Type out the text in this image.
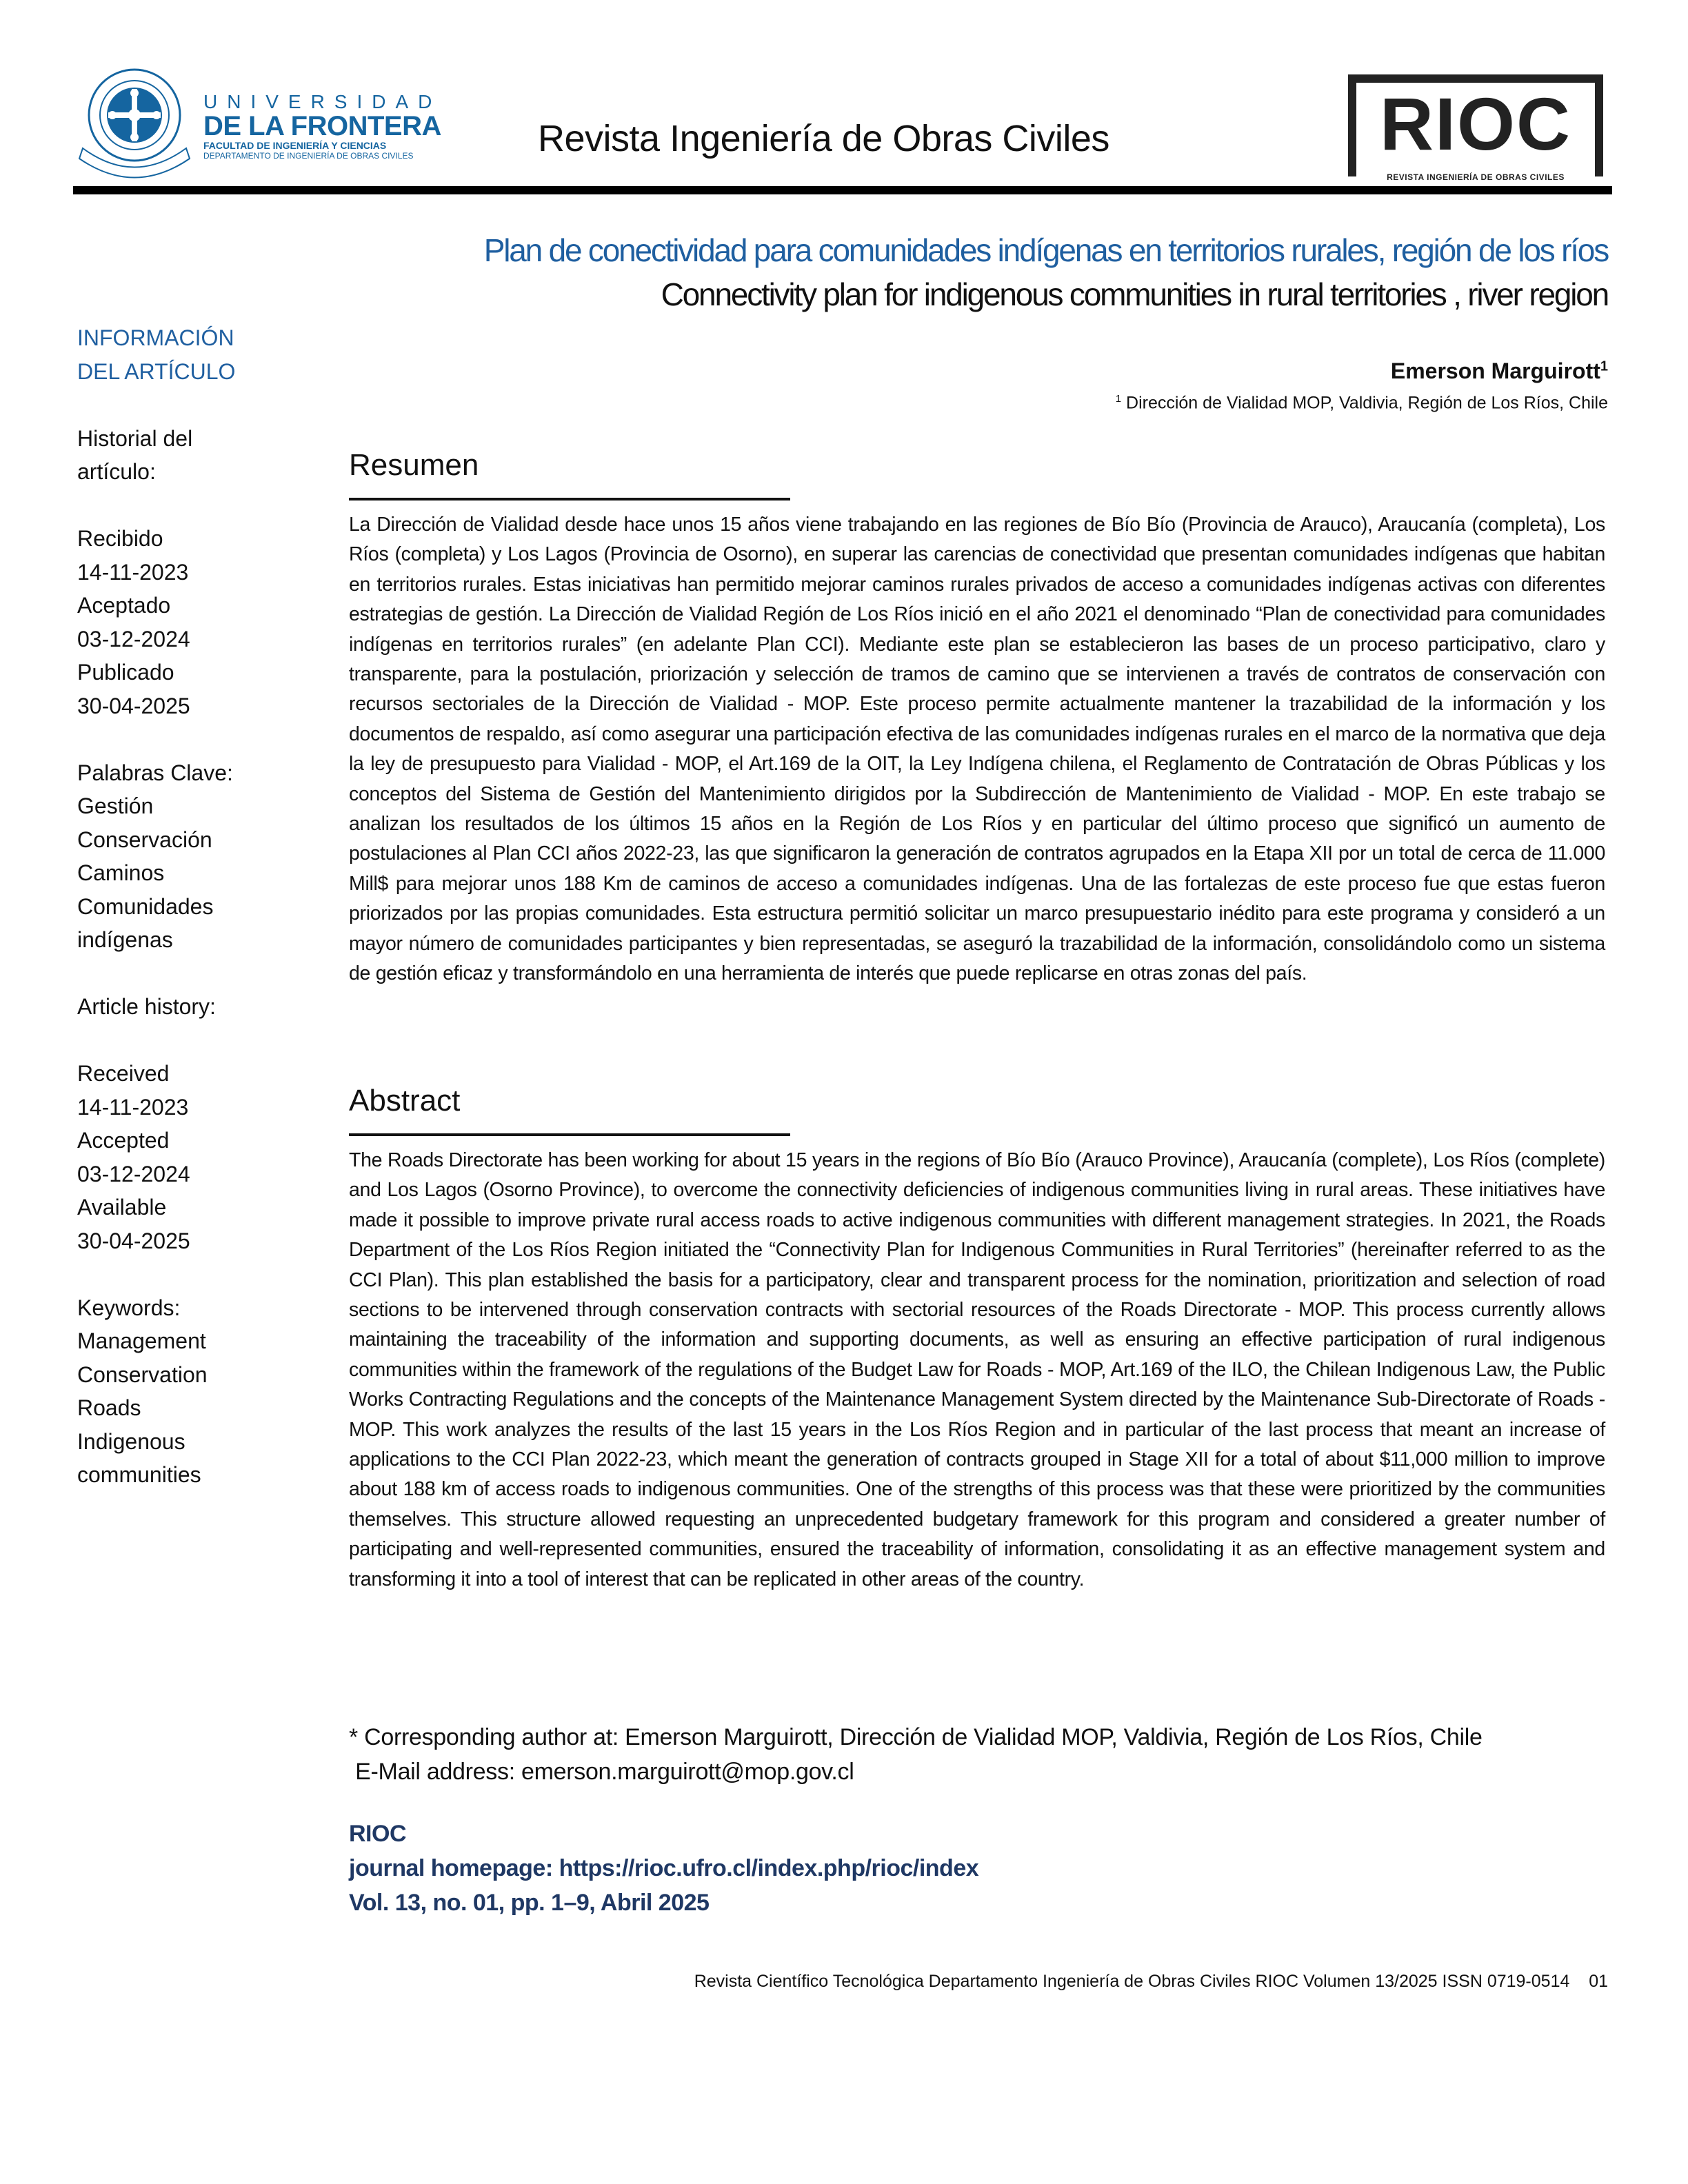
UNIVERSIDAD
DE LA FRONTERA
FACULTAD DE INGENIERÍA Y CIENCIAS
DEPARTAMENTO DE INGENIERÍA DE OBRAS CIVILES	Revista Ingeniería de Obras Civiles	RIOC
REVISTA INGENIERÍA DE OBRAS CIVILES
Plan de conectividad para comunidades indígenas en territorios rurales, región de los ríos
Connectivity plan for indigenous communities in rural territories , river region
Emerson Marguirott$^1$
$^1$ Dirección de Vialidad MOP, Valdivia, Región de Los Ríos, Chile
INFORMACIÓN
DEL ARTÍCULO
Historial del
artículo:
Recibido
14-11-2023
Aceptado
03-12-2024
Publicado
30-04-2025
Palabras Clave:
Gestión
Conservación
Caminos
Comunidades
indígenas
Article history:
Received
14-11-2023
Accepted
03-12-2024
Available
30-04-2025
Keywords:
Management
Conservation
Roads
Indigenous
communities
Resumen
La Dirección de Vialidad desde hace unos 15 años viene trabajando en las regiones de Bío Bío (Provincia de Arauco), Araucanía (completa), Los Ríos (completa) y Los Lagos (Provincia de Osorno), en superar las carencias de conectividad que presentan comunidades indígenas que habitan en territorios rurales. Estas iniciativas han permitido mejorar caminos rurales privados de acceso a comunidades indígenas activas con diferentes estrategias de gestión. La Dirección de Vialidad Región de Los Ríos inició en el año 2021 el denominado “Plan de conectividad para comunidades indígenas en territorios rurales” (en adelante Plan CCI). Mediante este plan se establecieron las bases de un proceso participativo, claro y transparente, para la postulación, priorización y selección de tramos de camino que se intervienen a través de contratos de conservación con recursos sectoriales de la Dirección de Vialidad - MOP. Este proceso permite actualmente mantener la trazabilidad de la información y los documentos de respaldo, así como asegurar una participación efectiva de las comunidades indígenas rurales en el marco de la normativa que deja la ley de presupuesto para Vialidad - MOP, el Art.169 de la OIT, la Ley Indígena chilena, el Reglamento de Contratación de Obras Públicas y los conceptos del Sistema de Gestión del Mantenimiento dirigidos por la Subdirección de Mantenimiento de Vialidad - MOP. En este trabajo se analizan los resultados de los últimos 15 años en la Región de Los Ríos y en particular del último proceso que significó un aumento de postulaciones al Plan CCI años 2022-23, las que significaron la generación de contratos agrupados en la Etapa XII por un total de cerca de 11.000 Mill$ para mejorar unos 188 Km de caminos de acceso a comunidades indígenas. Una de las fortalezas de este proceso fue que estas fueron priorizados por las propias comunidades. Esta estructura permitió solicitar un marco presupuestario inédito para este programa y consideró a un mayor número de comunidades participantes y bien representadas, se aseguró la trazabilidad de la información, consolidándolo como un sistema de gestión eficaz y transformándolo en una herramienta de interés que puede replicarse en otras zonas del país.
Abstract
The Roads Directorate has been working for about 15 years in the regions of Bío Bío (Arauco Province), Araucanía (complete), Los Ríos (complete) and Los Lagos (Osorno Province), to overcome the connectivity deficiencies of indigenous communities living in rural areas. These initiatives have made it possible to improve private rural access roads to active indigenous communities with different management strategies. In 2021, the Roads Department of the Los Ríos Region initiated the “Connectivity Plan for Indigenous Communities in Rural Territories” (hereinafter referred to as the CCI Plan). This plan established the basis for a participatory, clear and transparent process for the nomination, prioritization and selection of road sections to be intervened through conservation contracts with sectorial resources of the Roads Directorate - MOP. This process currently allows maintaining the traceability of the information and supporting documents, as well as ensuring an effective participation of rural indigenous communities within the framework of the regulations of the Budget Law for Roads - MOP, Art.169 of the ILO, the Chilean Indigenous Law, the Public Works Contracting Regulations and the concepts of the Maintenance Management System directed by the Maintenance Sub-Directorate of Roads - MOP. This work analyzes the results of the last 15 years in the Los Ríos Region and in particular of the last process that meant an increase of applications to the CCI Plan 2022-23, which meant the generation of contracts grouped in Stage XII for a total of about $11,000 million to improve about 188 km of access roads to indigenous communities. One of the strengths of this process was that these were prioritized by the communities themselves. This structure allowed requesting an unprecedented budgetary framework for this program and considered a greater number of participating and well-represented communities, ensured the traceability of information, consolidating it as an effective management system and transforming it into a tool of interest that can be replicated in other areas of the country.
* Corresponding author at: Emerson Marguirott, Dirección de Vialidad MOP, Valdivia, Región de Los Ríos, Chile
E-Mail address: emerson.marguirott@mop.gov.cl
RIOC
journal homepage: https://rioc.ufro.cl/index.php/rioc/index
Vol. 13, no. 01, pp. 1–9, Abril 2025
Revista Científico Tecnológica Departamento Ingeniería de Obras Civiles RIOC Volumen 13/2025 ISSN 0719-0514 01
